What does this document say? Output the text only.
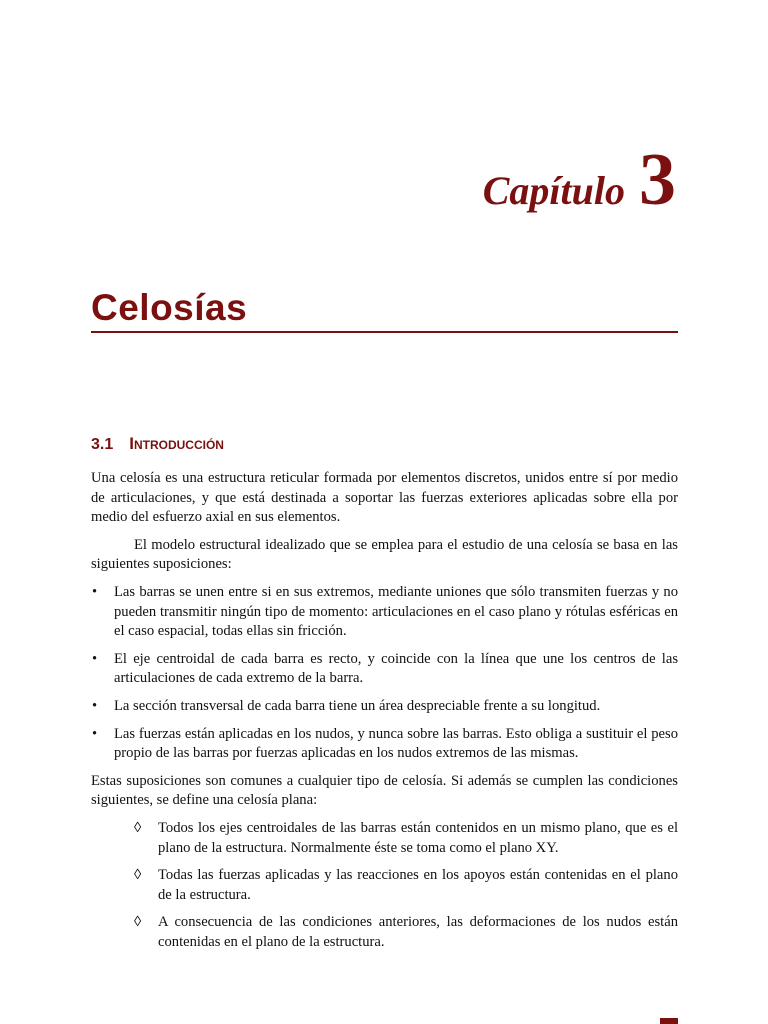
Capítulo 3
Celosías
3.1 Introducción

Una celosía es una estructura reticular formada por elementos discretos, unidos entre sí por medio de articulaciones, y que está destinada a soportar las fuerzas exteriores aplicadas sobre ella por medio del esfuerzo axial en sus elementos.

El modelo estructural idealizado que se emplea para el estudio de una celosía se basa en las siguientes suposiciones:

• Las barras se unen entre si en sus extremos, mediante uniones que sólo transmiten fuerzas y no pueden transmitir ningún tipo de momento: articulaciones en el caso plano y rótulas esféricas en el caso espacial, todas ellas sin fricción.
• El eje centroidal de cada barra es recto, y coincide con la línea que une los centros de las articulaciones de cada extremo de la barra.
• La sección transversal de cada barra tiene un área despreciable frente a su longitud.
• Las fuerzas están aplicadas en los nudos, y nunca sobre las barras. Esto obliga a sustituir el peso propio de las barras por fuerzas aplicadas en los nudos extremos de las mismas.

Estas suposiciones son comunes a cualquier tipo de celosía. Si además se cumplen las condiciones siguientes, se define una celosía plana:

◊ Todos los ejes centroidales de las barras están contenidos en un mismo plano, que es el plano de la estructura. Normalmente éste se toma como el plano XY.
◊ Todas las fuerzas aplicadas y las reacciones en los apoyos están contenidas en el plano de la estructura.
◊ A consecuencia de las condiciones anteriores, las deformaciones de los nudos están contenidas en el plano de la estructura.
